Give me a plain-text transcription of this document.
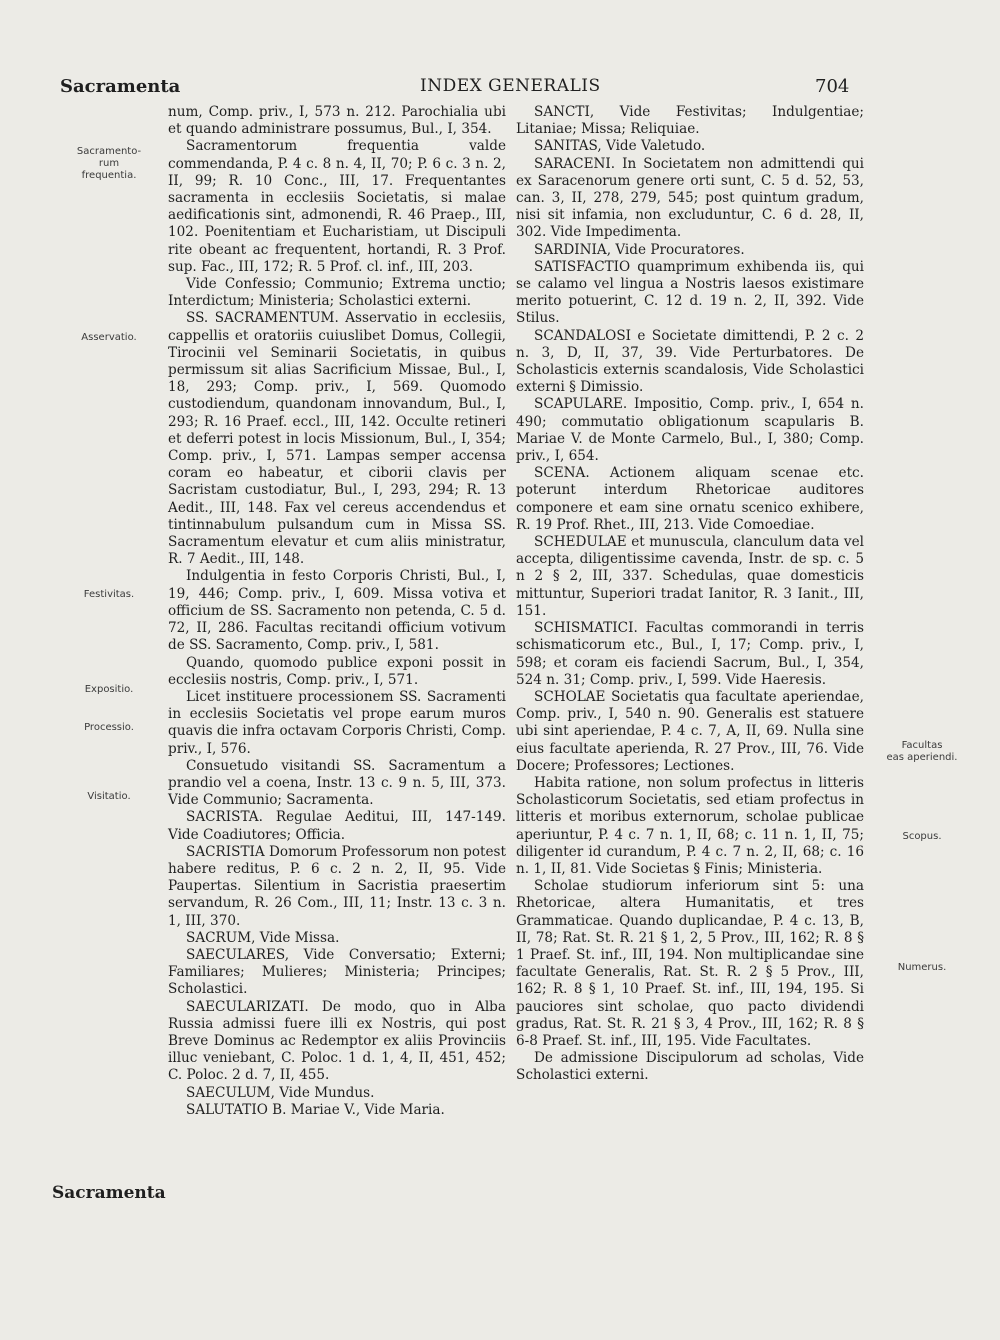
Sacramenta	INDEX GENERALIS	704
Sacramento-
rum
frequentia.
Asservatio.
Festivitas.
Expositio.
Processio.
Visitatio.
Facultas
eas aperiendi.
Scopus.
Numerus.

num, Comp. priv., I, 573 n. 212. Parochialia ubi et quando administrare possumus, Bul., I, 354.

Sacramentorum frequentia valde commendanda, P. 4 c. 8 n. 4, II, 70; P. 6 c. 3 n. 2, II, 99; R. 10 Conc., III, 17. Frequentantes sacramenta in ecclesiis Societatis, si malae aedificationis sint, admonendi, R. 46 Praep., III, 102. Poenitentiam et Eucharistiam, ut Discipuli rite obeant ac frequentent, hortandi, R. 3 Prof. sup. Fac., III, 172; R. 5 Prof. cl. inf., III, 203.

Vide Confessio; Communio; Extrema unctio; Interdictum; Ministeria; Scholastici externi.

SS. SACRAMENTUM. Asservatio in ecclesiis, cappellis et oratoriis cuiuslibet Domus, Collegii, Tirocinii vel Seminarii Societatis, in quibus permissum sit alias Sacrificium Missae, Bul., I, 18, 293; Comp. priv., I, 569. Quomodo custodiendum, quandonam innovandum, Bul., I, 293; R. 16 Praef. eccl., III, 142. Occulte retineri et deferri potest in locis Missionum, Bul., I, 354; Comp. priv., I, 571. Lampas semper accensa coram eo habeatur, et ciborii clavis per Sacristam custodiatur, Bul., I, 293, 294; R. 13 Aedit., III, 148. Fax vel cereus accendendus et tintinnabulum pulsandum cum in Missa SS. Sacramentum elevatur et cum aliis ministratur, R. 7 Aedit., III, 148.

Indulgentia in festo Corporis Christi, Bul., I, 19, 446; Comp. priv., I, 609. Missa votiva et officium de SS. Sacramento non petenda, C. 5 d. 72, II, 286. Facultas recitandi officium votivum de SS. Sacramento, Comp. priv., I, 581.

Quando, quomodo publice exponi possit in ecclesiis nostris, Comp. priv., I, 571.

Licet instituere processionem SS. Sacramenti in ecclesiis Societatis vel prope earum muros quavis die infra octavam Corporis Christi, Comp. priv., I, 576.

Consuetudo visitandi SS. Sacramentum a prandio vel a coena, Instr. 13 c. 9 n. 5, III, 373. Vide Communio; Sacramenta.

SACRISTA. Regulae Aeditui, III, 147-149. Vide Coadiutores; Officia.

SACRISTIA Domorum Professorum non potest habere reditus, P. 6 c. 2 n. 2, II, 95. Vide Paupertas. Silentium in Sacristia praesertim servandum, R. 26 Com., III, 11; Instr. 13 c. 3 n. 1, III, 370.

SACRUM, Vide Missa.

SAECULARES, Vide Conversatio; Externi; Familiares; Mulieres; Ministeria; Principes; Scholastici.

SAECULARIZATI. De modo, quo in Alba Russia admissi fuere illi ex Nostris, qui post Breve Dominus ac Redemptor ex aliis Provinciis illuc veniebant, C. Poloc. 1 d. 1, 4, II, 451, 452; C. Poloc. 2 d. 7, II, 455.

SAECULUM, Vide Mundus.

SALUTATIO B. Mariae V., Vide Maria.

SANCTI, Vide Festivitas; Indulgentiae; Litaniae; Missa; Reliquiae.

SANITAS, Vide Valetudo.

SARACENI. In Societatem non admittendi qui ex Saracenorum genere orti sunt, C. 5 d. 52, 53, can. 3, II, 278, 279, 545; post quintum gradum, nisi sit infamia, non excluduntur, C. 6 d. 28, II, 302. Vide Impedimenta.

SARDINIA, Vide Procuratores.

SATISFACTIO quamprimum exhibenda iis, qui se calamo vel lingua a Nostris laesos existimare merito potuerint, C. 12 d. 19 n. 2, II, 392. Vide Stilus.

SCANDALOSI e Societate dimittendi, P. 2 c. 2 n. 3, D, II, 37, 39. Vide Perturbatores. De Scholasticis externis scandalosis, Vide Scholastici externi § Dimissio.

SCAPULARE. Impositio, Comp. priv., I, 654 n. 490; commutatio obligationum scapularis B. Mariae V. de Monte Carmelo, Bul., I, 380; Comp. priv., I, 654.

SCENA. Actionem aliquam scenae etc. poterunt interdum Rhetoricae auditores componere et eam sine ornatu scenico exhibere, R. 19 Prof. Rhet., III, 213. Vide Comoediae.

SCHEDULAE et munuscula, clanculum data vel accepta, diligentissime cavenda, Instr. de sp. c. 5 n 2 § 2, III, 337. Schedulas, quae domesticis mittuntur, Superiori tradat Ianitor, R. 3 Ianit., III, 151.

SCHISMATICI. Facultas commorandi in terris schismaticorum etc., Bul., I, 17; Comp. priv., I, 598; et coram eis faciendi Sacrum, Bul., I, 354, 524 n. 31; Comp. priv., I, 599. Vide Haeresis.

SCHOLAE Societatis qua facultate aperiendae, Comp. priv., I, 540 n. 90. Generalis est statuere ubi sint aperiendae, P. 4 c. 7, A, II, 69. Nulla sine eius facultate aperienda, R. 27 Prov., III, 76. Vide Docere; Professores; Lectiones.

Habita ratione, non solum profectus in litteris Scholasticorum Societatis, sed etiam profectus in litteris et moribus externorum, scholae publicae aperiuntur, P. 4 c. 7 n. 1, II, 68; c. 11 n. 1, II, 75; diligenter id curandum, P. 4 c. 7 n. 2, II, 68; c. 16 n. 1, II, 81. Vide Societas § Finis; Ministeria.

Scholae studiorum inferiorum sint 5: una Rhetoricae, altera Humanitatis, et tres Grammaticae. Quando duplicandae, P. 4 c. 13, B, II, 78; Rat. St. R. 21 § 1, 2, 5 Prov., III, 162; R. 8 § 1 Praef. St. inf., III, 194. Non multiplicandae sine facultate Generalis, Rat. St. R. 2 § 5 Prov., III, 162; R. 8 § 1, 10 Praef. St. inf., III, 194, 195. Si pauciores sint scholae, quo pacto dividendi gradus, Rat. St. R. 21 § 3, 4 Prov., III, 162; R. 8 § 6-8 Praef. St. inf., III, 195. Vide Facultates.

De admissione Discipulorum ad scholas, Vide Scholastici externi.

Sacramenta
